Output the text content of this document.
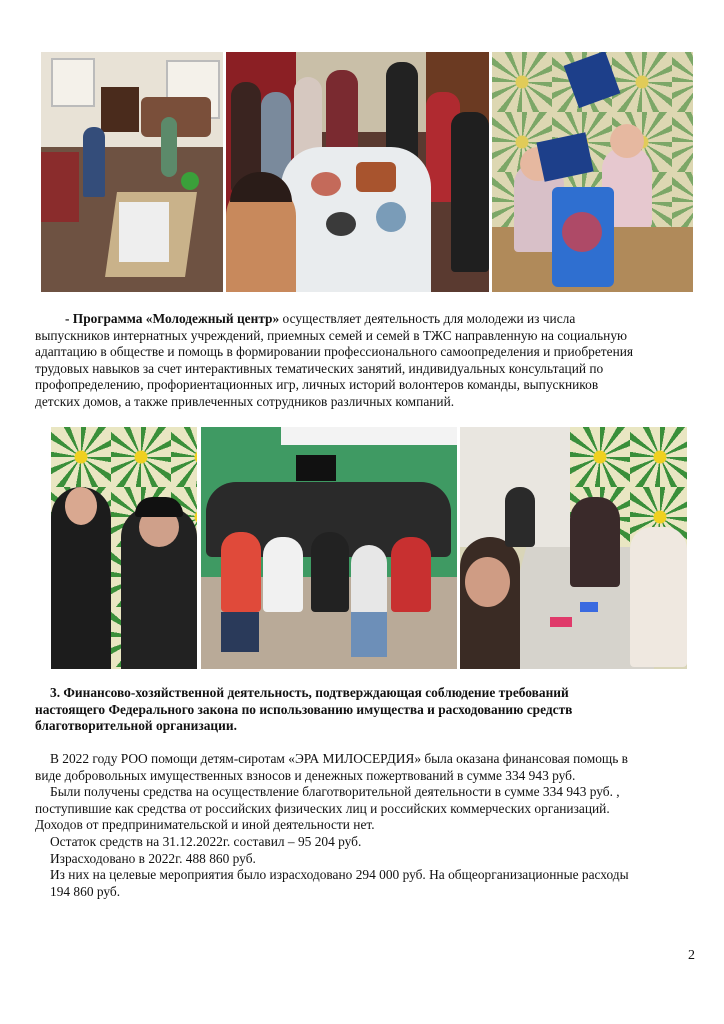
- Программа «Молодежный центр» осуществляет деятельность для молодежи из числа
выпускников интернатных учреждений, приемных семей и семей в ТЖС направленную на социальную
адаптацию в обществе и помощь в формировании профессионального самоопределения и приобретения
трудовых навыков за счет интерактивных тематических занятий, индивидуальных консультаций по
профопределению, профориентационных игр, личных историй волонтеров команды, выпускников
детских домов, а также привлеченных сотрудников различных компаний.
3. Финансово-хозяйственной деятельность, подтверждающая соблюдение требований
настоящего Федерального закона по использованию имущества и расходованию средств
благотворительной организации.
В 2022 году РОО помощи детям-сиротам «ЭРА МИЛОСЕРДИЯ» была оказана финансовая помощь в
виде добровольных имущественных взносов и денежных пожертвований в сумме 334 943 руб.
Были получены средства на осуществление благотворительной деятельности в сумме 334 943 руб. ,
поступившие как средства от российских физических лиц и российских коммерческих организаций.
Доходов от предпринимательской и иной деятельности нет.
Остаток средств на 31.12.2022г. составил – 95 204 руб.
Израсходовано в 2022г. 488 860 руб.
Из них на целевые мероприятия было израсходовано 294 000 руб. На общеорганизационные расходы
194 860 руб.
2
